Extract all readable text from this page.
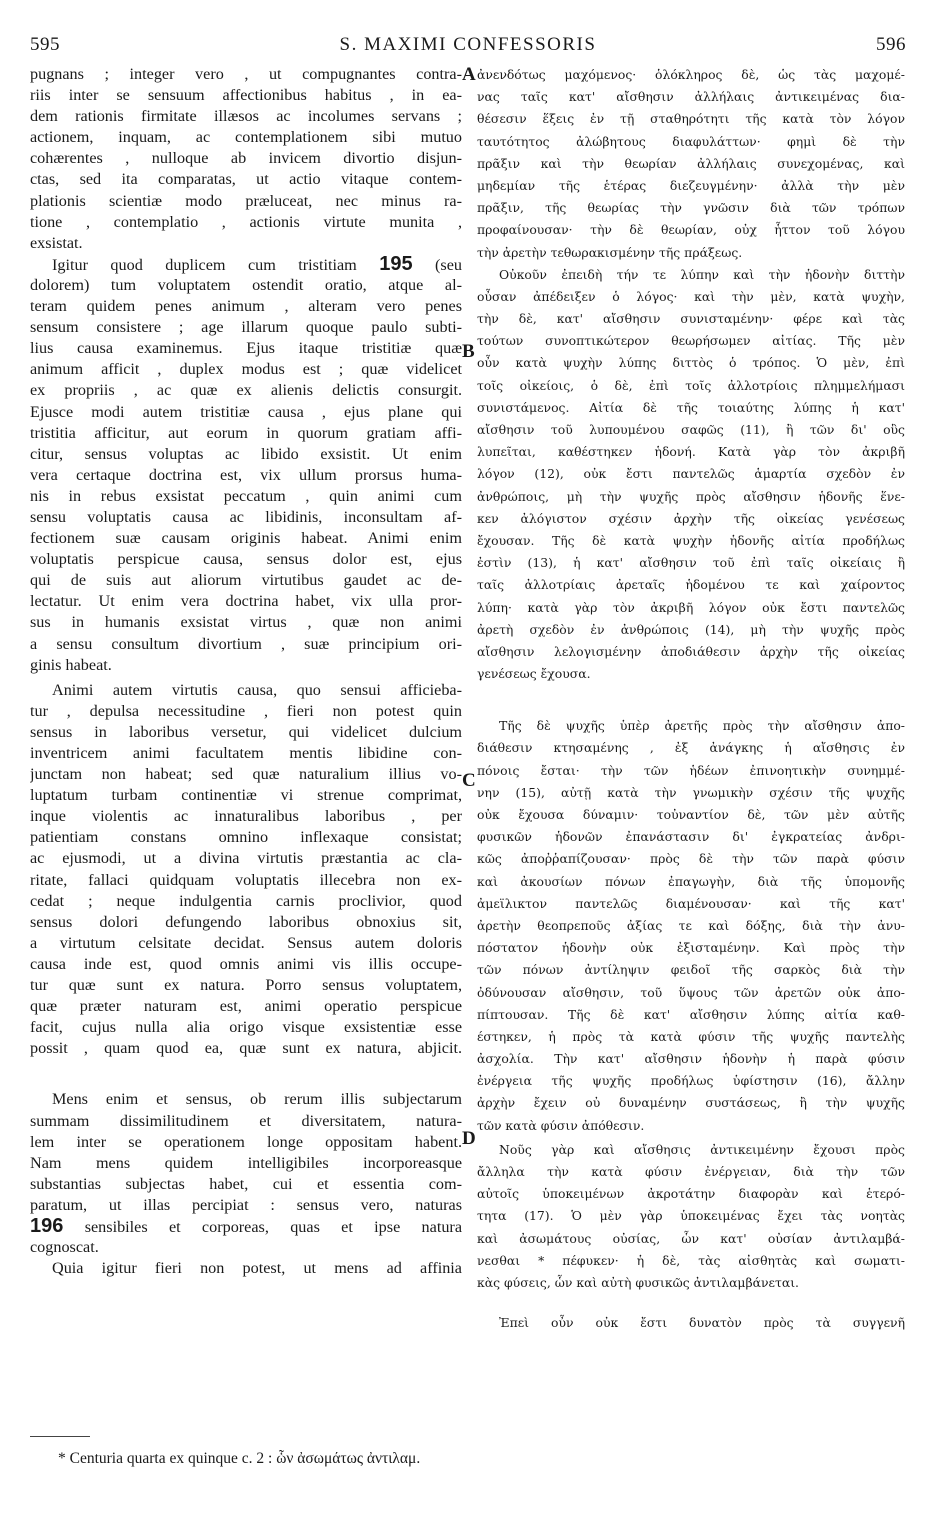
595	S. MAXIMI CONFESSORIS	596
A
B
C
D
pugnans ; integer vero , ut compugnantes contra-
riis inter se sensuum affectionibus habitus , in ea-
dem rationis firmitate illæsos ac incolumes servans ;
actionem, inquam, ac contemplationem sibi mutuo
cohærentes , nulloque ab invicem divortio disjun-
ctas, sed ita comparatas, ut actio vitaque contem-
plationis scientiæ modo præluceat, nec minus ra-
tione , contemplatio , actionis virtute munita ,
exsistat.
Igitur quod duplicem cum tristitiam 195 (seu
dolorem) tum voluptatem ostendit oratio, atque al-
teram quidem penes animum , alteram vero penes
sensum consistere ; age illarum quoque paulo subti-
lius causa examinemus. Ejus itaque tristitiæ quæ
animum afficit , duplex modus est ; quæ videlicet
ex propriis , ac quæ ex alienis delictis consurgit.
Ejusce modi autem tristitiæ causa , ejus plane qui
tristitia afficitur, aut eorum in quorum gratiam affi-
citur, sensus voluptas ac libido exsistit. Ut enim
vera certaque doctrina est, vix ullum prorsus huma-
nis in rebus exsistat peccatum , quin animi cum
sensu voluptatis causa ac libidinis, inconsultam af-
fectionem suæ causam originis habeat. Animi enim
voluptatis perspicue causa, sensus dolor est, ejus
qui de suis aut aliorum virtutibus gaudet ac de-
lectatur. Ut enim vera doctrina habet, vix ulla pror-
sus in humanis exsistat virtus , quæ non animi
a sensu consultum divortium , suæ principium ori-
ginis habeat.
Animi autem virtutis causa, quo sensui afficieba-
tur , depulsa necessitudine , fieri non potest quin
sensus in laboribus versetur, qui videlicet dulcium
inventricem animi facultatem mentis libidine con-
junctam non habeat; sed quæ naturalium illius vo-
luptatum turbam continentiæ vi strenue comprimat,
inque violentis ac innaturalibus laboribus , per
patientiam constans omnino inflexaque consistat;
ac ejusmodi, ut a divina virtutis præstantia ac cla-
ritate, fallaci quidquam voluptatis illecebra non ex-
cedat ; neque indulgentia carnis proclivior, quod
sensus dolori defungendo laboribus obnoxius sit,
a virtutum celsitate decidat. Sensus autem doloris
causa inde est, quod omnis animi vis illis occupe-
tur quæ sunt ex natura. Porro sensus voluptatem,
quæ præter naturam est, animi operatio perspicue
facit, cujus nulla alia origo visque exsistentiæ esse
possit , quam quod ea, quæ sunt ex natura, abjicit.
Mens enim et sensus, ob rerum illis subjectarum
summam dissimilitudinem et diversitatem, natura-
lem inter se operationem longe oppositam habent.
Nam mens quidem intelligibiles incorporeasque
substantias subjectas habet, cui et essentia com-
paratum, ut illas percipiat : sensus vero, naturas
196 sensibiles et corporeas, quas et ipse natura
cognoscat.
Quia igitur fieri non potest, ut mens ad affinia
ἀνενδότως μαχόμενος· ὁλόκληρος δὲ, ὡς τὰς μαχομέ-
νας ταῖς κατ' αἴσθησιν ἀλλήλαις ἀντικειμένας δια-
θέσεσιν ἕξεις ἐν τῇ σταθηρότητι τῆς κατὰ τὸν λόγον
ταυτότητος ἀλώβητους διαφυλάττων· φημὶ δὲ τὴν
πρᾶξιν καὶ τὴν θεωρίαν ἀλλήλαις συνεχομένας, καὶ
μηδεμίαν τῆς ἑτέρας διεζευγμένην· ἀλλὰ τὴν μὲν
πρᾶξιν, τῆς θεωρίας τὴν γνῶσιν διὰ τῶν τρόπων
προφαίνουσαν· τὴν δὲ θεωρίαν, οὐχ ἧττον τοῦ λόγου
τὴν ἀρετὴν τεθωρακισμένην τῆς πράξεως.
Οὐκοῦν ἐπειδὴ τήν τε λύπην καὶ τὴν ἡδονὴν διττὴν
οὖσαν ἀπέδειξεν ὁ λόγος· καὶ τὴν μὲν, κατὰ ψυχὴν,
τὴν δὲ, κατ' αἴσθησιν συνισταμένην· φέρε καὶ τὰς
τούτων συνοπτικώτερον θεωρήσωμεν αἰτίας. Τῆς μὲν
οὖν κατὰ ψυχὴν λύπης διττὸς ὁ τρόπος. Ὁ μὲν, ἐπὶ
τοῖς οἰκείοις, ὁ δὲ, ἐπὶ τοῖς ἀλλοτρίοις πλημμελήμασι
συνιστάμενος. Αἰτία δὲ τῆς τοιαύτης λύπης ἡ κατ'
αἴσθησιν τοῦ λυπουμένου σαφῶς (11), ἢ τῶν δι' οὓς
λυπεῖται, καθέστηκεν ἡδονή. Κατὰ γὰρ τὸν ἀκριβῆ
λόγον (12), οὐκ ἔστι παντελῶς ἁμαρτία σχεδὸν ἐν
ἀνθρώποις, μὴ τὴν ψυχῆς πρὸς αἴσθησιν ἡδονῆς ἕνε-
κεν ἀλόγιστον σχέσιν ἀρχὴν τῆς οἰκείας γενέσεως
ἔχουσαν. Τῆς δὲ κατὰ ψυχὴν ἡδονῆς αἰτία προδήλως
ἐστὶν (13), ἡ κατ' αἴσθησιν τοῦ ἐπὶ ταῖς οἰκείαις ἢ
ταῖς ἀλλοτρίαις ἀρεταῖς ἡδομένου τε καὶ χαίροντος
λύπη· κατὰ γὰρ τὸν ἀκριβῆ λόγον οὐκ ἔστι παντελῶς
ἀρετὴ σχεδὸν ἐν ἀνθρώποις (14), μὴ τὴν ψυχῆς πρὸς
αἴσθησιν λελογισμένην ἀποδιάθεσιν ἀρχὴν τῆς οἰκείας
γενέσεως ἔχουσα.
Τῆς δὲ ψυχῆς ὑπὲρ ἀρετῆς πρὸς τὴν αἴσθησιν ἀπο-
διάθεσιν κτησαμένης , ἐξ ἀνάγκης ἡ αἴσθησις ἐν
πόνοις ἔσται· τὴν τῶν ἡδέων ἐπινοητικὴν συνημμέ-
νην (15), αὐτῇ κατὰ τὴν γνωμικὴν σχέσιν τῆς ψυχῆς
οὐκ ἔχουσα δύναμιν· τοὐναντίον δὲ, τῶν μὲν αὐτῆς
φυσικῶν ἡδονῶν ἐπανάστασιν δι' ἐγκρατείας ἀνδρι-
κῶς ἀποῤῥαπίζουσαν· πρὸς δὲ τὴν τῶν παρὰ φύσιν
καὶ ἀκουσίων πόνων ἐπαγωγὴν, διὰ τῆς ὑπομονῆς
ἀμεϊλικτον παντελῶς διαμένουσαν· καὶ τῆς κατ'
ἀρετὴν θεοπρεποῦς ἀξίας τε καὶ δόξης, διὰ τὴν ἀνυ-
πόστατον ἡδονὴν οὐκ ἐξισταμένην. Καὶ πρὸς τὴν
τῶν πόνων ἀντίληψιν φειδοῖ τῆς σαρκὸς διὰ τὴν
ὀδύνουσαν αἴσθησιν, τοῦ ὕψους τῶν ἀρετῶν οὐκ ἀπο-
πίπτουσαν. Τῆς δὲ κατ' αἴσθησιν λύπης αἰτία καθ-
έστηκεν, ἡ πρὸς τὰ κατὰ φύσιν τῆς ψυχῆς παντελὴς
ἀσχολία. Τὴν κατ' αἴσθησιν ἡδονὴν ἡ παρὰ φύσιν
ἐνέργεια τῆς ψυχῆς προδήλως ὑφίστησιν (16), ἄλλην
ἀρχὴν ἔχειν οὐ δυναμένην συστάσεως, ἢ τὴν ψυχῆς
τῶν κατὰ φύσιν ἀπόθεσιν.
Νοῦς γὰρ καὶ αἴσθησις ἀντικειμένην ἔχουσι πρὸς
ἄλληλα τὴν κατὰ φύσιν ἐνέργειαν, διὰ τὴν τῶν
αὐτοῖς ὑποκειμένων ἀκροτάτην διαφορὰν καὶ ἑτερό-
τητα (17). Ὁ μὲν γὰρ ὑποκειμένας ἔχει τὰς νοητὰς
καὶ ἀσωμάτους οὐσίας, ὧν κατ' οὐσίαν ἀντιλαμβά-
νεσθαι * πέφυκεν· ἡ δὲ, τὰς αἰσθητὰς καὶ σωματι-
κὰς φύσεις, ὧν καὶ αὐτὴ φυσικῶς ἀντιλαμβάνεται.
Ἐπεὶ οὖν οὐκ ἔστι δυνατὸν πρὸς τὰ συγγενῆ
* Centuria quarta ex quinque c. 2 : ὧν ἀσωμάτως ἀντιλαμ.
